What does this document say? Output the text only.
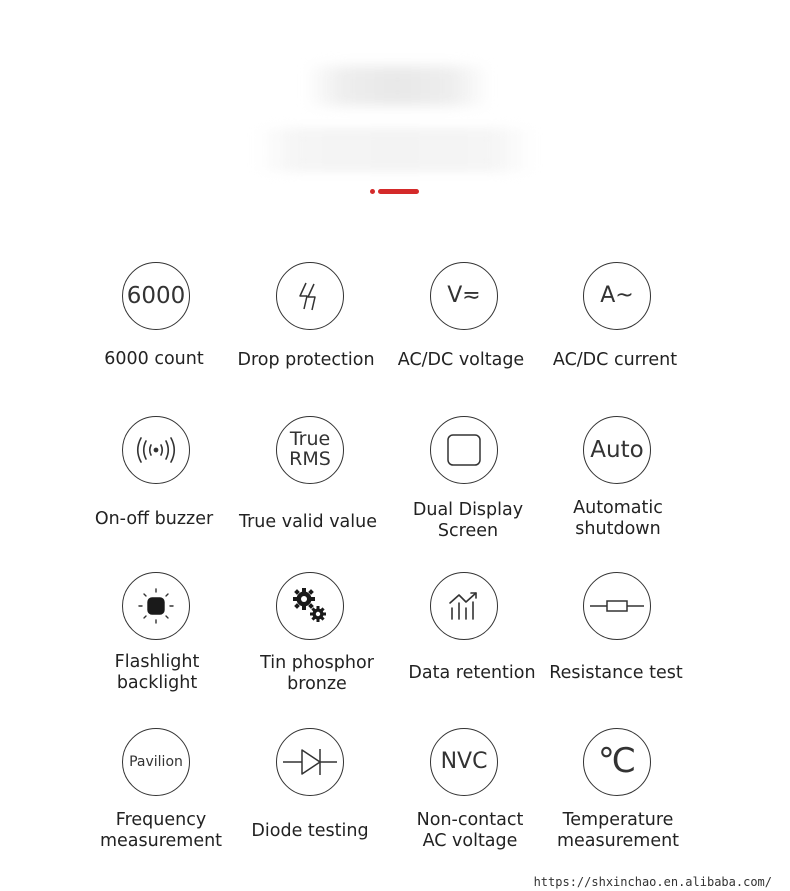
6000
6000 count	Drop protection
V≂
AC/DC voltage
A~
AC/DC current
On-off buzzer
True
RMS
True valid value
Dual Display
Screen
Auto
Automatic
shutdown
Flashlight
backlight
Tin phosphor
bronze
Data retention Resistance test
Pavilion
Frequency
measurement	Diode testing
NVC
Non-contact
AC voltage
℃
Temperature
measurement
https://shxinchao.en.alibaba.com/
